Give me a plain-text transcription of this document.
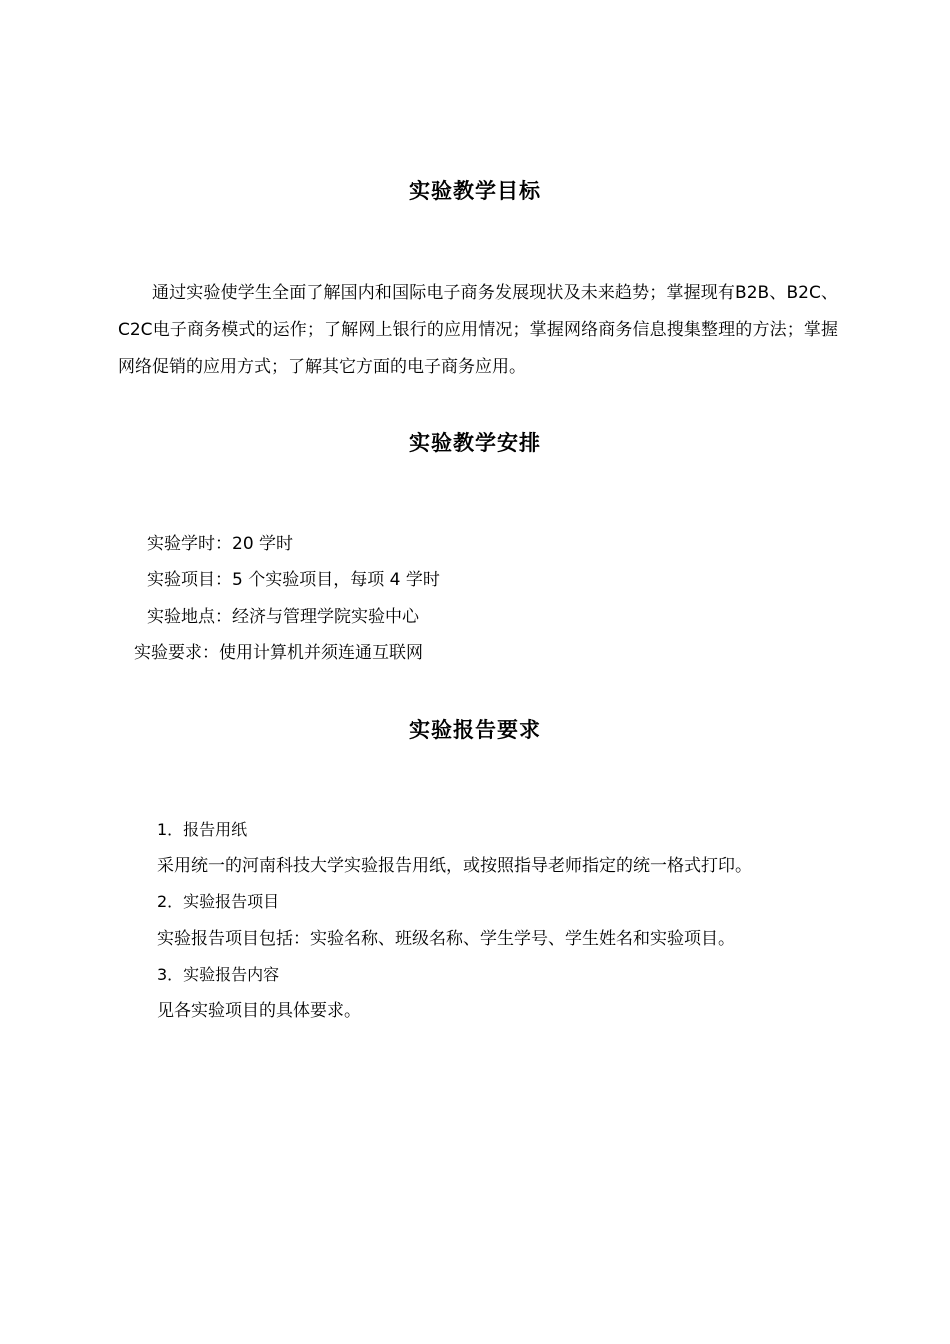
实验教学目标
通过实验使学生全面了解国内和国际电子商务发展现状及未来趋势；掌握现有B2B、B2C、C2C电子商务模式的运作；了解网上银行的应用情况；掌握网络商务信息搜集整理的方法；掌握网络促销的应用方式；了解其它方面的电子商务应用。
实验教学安排
实验学时：20 学时
实验项目：5 个实验项目，每项 4 学时
实验地点：经济与管理学院实验中心
实验要求：使用计算机并须连通互联网
实验报告要求
1．报告用纸
采用统一的河南科技大学实验报告用纸，或按照指导老师指定的统一格式打印。
2．实验报告项目
实验报告项目包括：实验名称、班级名称、学生学号、学生姓名和实验项目。
3．实验报告内容
见各实验项目的具体要求。
